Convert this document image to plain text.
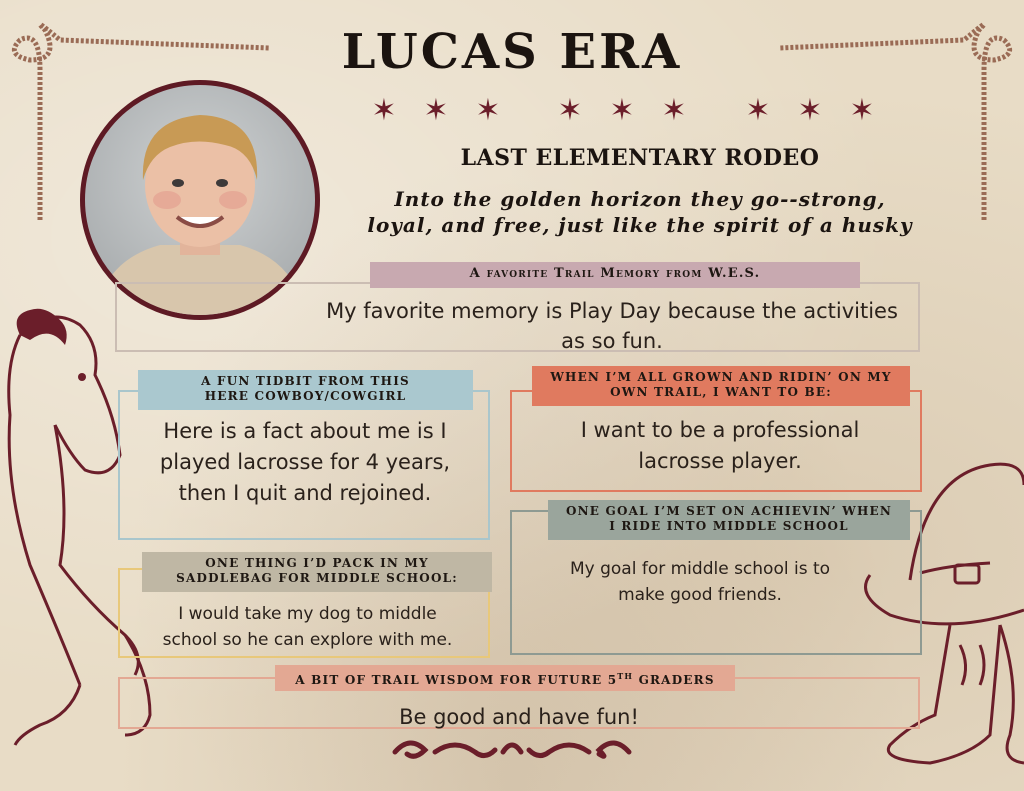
LUCAS ERA
✶ ✶ ✶ ✶ ✶ ✶ ✶ ✶ ✶
LAST ELEMENTARY RODEO
Into the golden horizon they go--strong,
loyal, and free, just like the spirit of a husky
A favorite Trail Memory from W.E.S.
My favorite memory is Play Day because the activities
as so fun.
A FUN TIDBIT FROM THIS
HERE COWBOY/COWGIRL
Here is a fact about me is I
played lacrosse for 4 years,
then I quit and rejoined.
WHEN I’M ALL GROWN AND RIDIN’ ON MY
OWN TRAIL, I WANT TO BE:
I want to be a professional
lacrosse player.
ONE GOAL I’M SET ON ACHIEVIN’ WHEN
I RIDE INTO MIDDLE SCHOOL
My goal for middle school is to
make good friends.
ONE THING I’D PACK IN MY
SADDLEBAG FOR MIDDLE SCHOOL:
I would take my dog to middle
school so he can explore with me.
A BIT OF TRAIL WISDOM FOR FUTURE 5TH GRADERS
Be good and have fun!
